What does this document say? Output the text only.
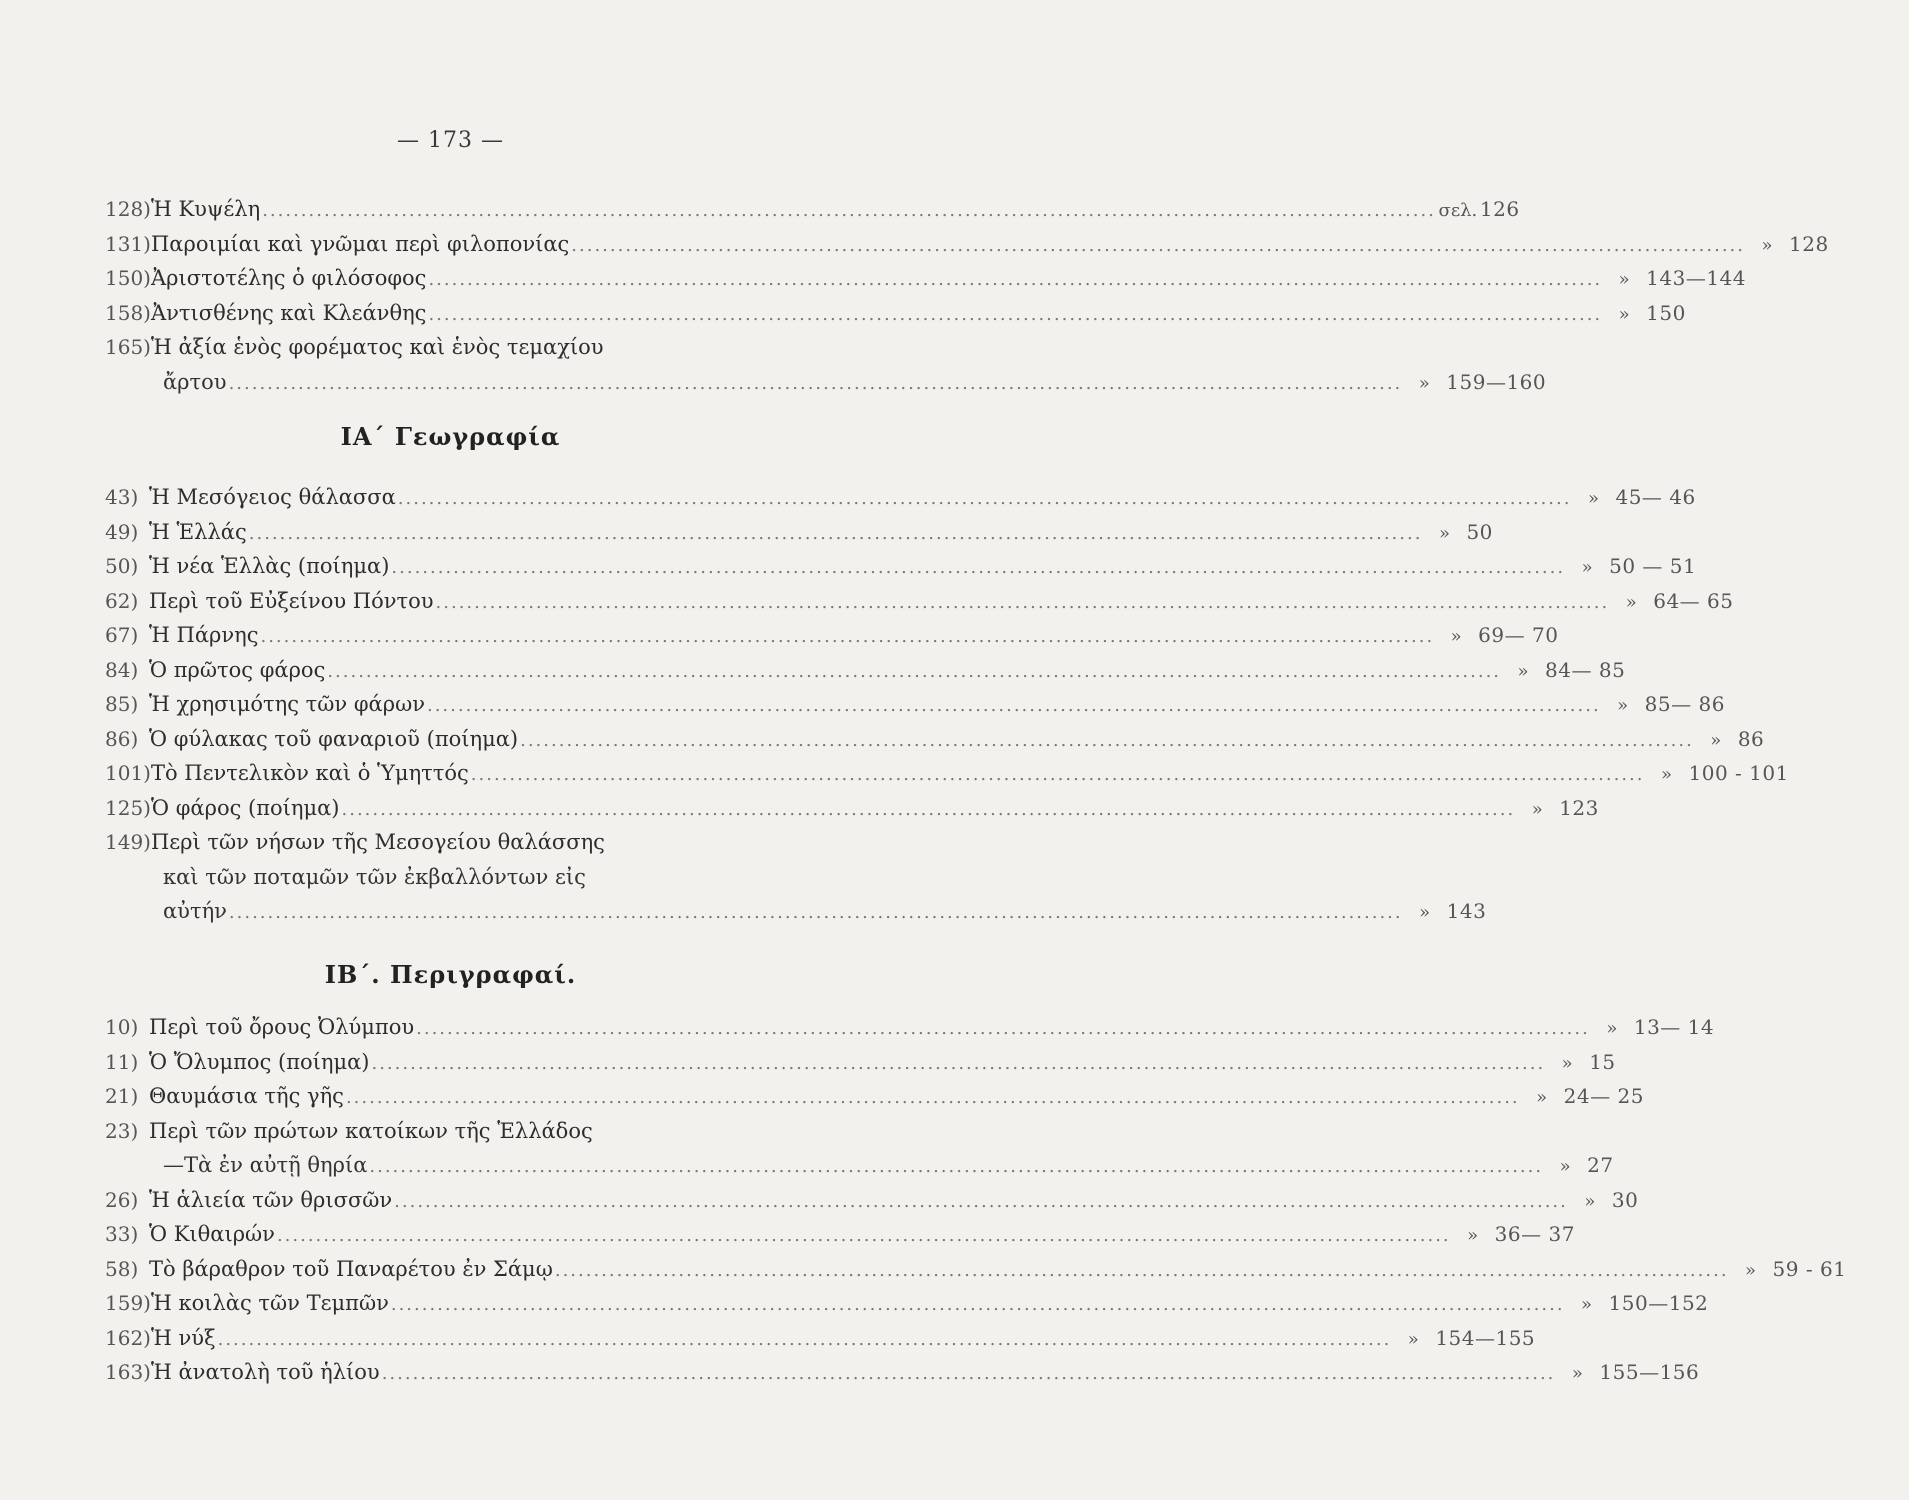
— 173 —
128) Ἡ Κυψέλη .....	σελ. 126
131) Παροιμίαι καὶ γνῶμαι περὶ φιλοπονίας .....	» 128
150) Ἀριστοτέλης ὁ φιλόσοφος .....	» 143—144
158) Ἀντισθένης καὶ Κλεάνθης .....	» 150
165) Ἡ ἀξία ἑνὸς φορέματος καὶ ἑνὸς τεμαχίου
ἄρτου .....	» 159—160
ΙΑ΄ Γεωγραφία
43) Ἡ Μεσόγειος θάλασσα .....	» 45— 46
49) Ἡ Ἑλλάς .....	» 50
50) Ἡ νέα Ἑλλὰς (ποίημα) .....	» 50 — 51
62) Περὶ τοῦ Εὐξείνου Πόντου .....	» 64— 65
67) Ἡ Πάρνης .....	» 69— 70
84) Ὁ πρῶτος φάρος .....	» 84— 85
85) Ἡ χρησιμότης τῶν φάρων .....	» 85— 86
86) Ὁ φύλακας τοῦ φαναριοῦ (ποίημα) .....	» 86
101) Τὸ Πεντελικὸν καὶ ὁ Ὑμηττός .....	» 100 - 101
125) Ὁ φάρος (ποίημα) .....	» 123
149) Περὶ τῶν νήσων τῆς Μεσογείου θαλάσσης
καὶ τῶν ποταμῶν τῶν ἐκβαλλόντων εἰς
αὐτήν .....	» 143
ΙΒ΄. Περιγραφαί.
10) Περὶ τοῦ ὄρους Ὀλύμπου .....	» 13— 14
11) Ὁ Ὄλυμπος (ποίημα) .....	» 15
21) Θαυμάσια τῆς γῆς .....	» 24— 25
23) Περὶ τῶν πρώτων κατοίκων τῆς Ἑλλάδος
—Τὰ ἐν αὐτῇ θηρία .....	» 27
26) Ἡ ἁλιεία τῶν θρισσῶν .....	» 30
33) Ὁ Κιθαιρών .....	» 36— 37
58) Τὸ βάραθρον τοῦ Παναρέτου ἐν Σάμῳ .....	» 59 - 61
159) Ἡ κοιλὰς τῶν Τεμπῶν .....	» 150—152
162) Ἡ νύξ .....	» 154—155
163) Ἡ ἀνατολὴ τοῦ ἡλίου .....	» 155—156
